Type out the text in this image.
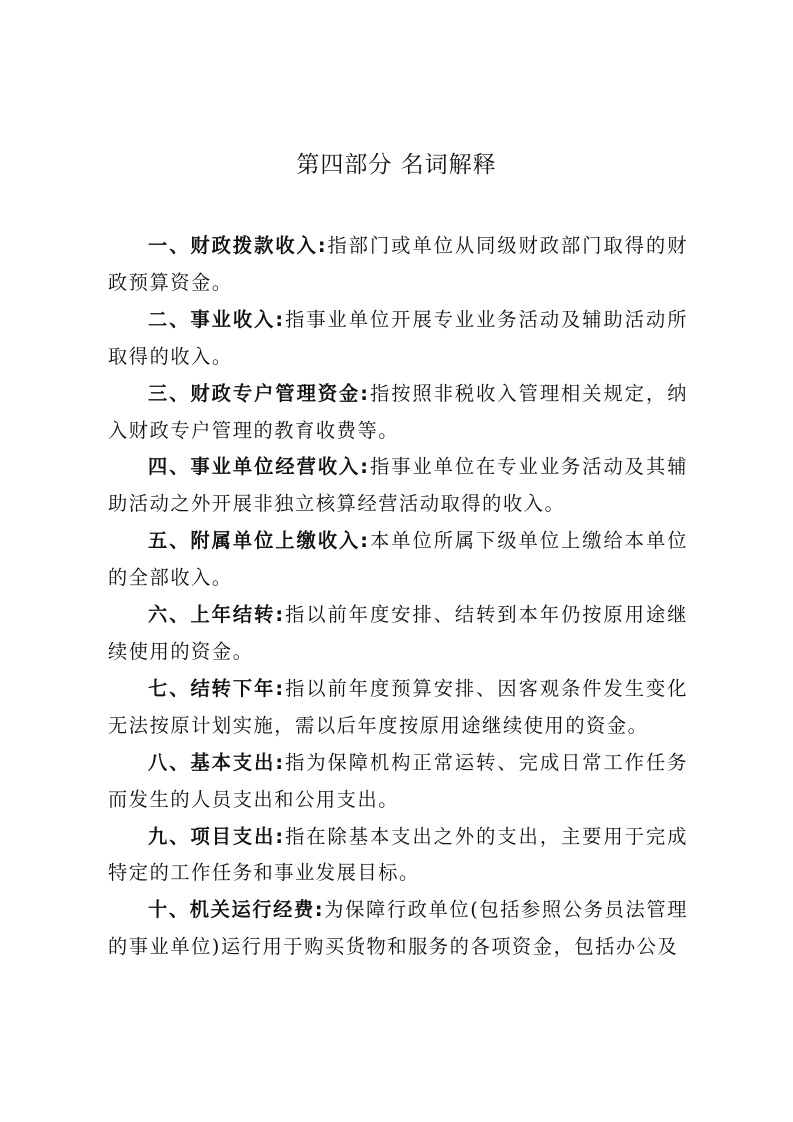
第四部分 名词解释

一、财政拨款收入:指部门或单位从同级财政部门取得的财政预算资金。

二、事业收入:指事业单位开展专业业务活动及辅助活动所取得的收入。

三、财政专户管理资金:指按照非税收入管理相关规定，纳入财政专户管理的教育收费等。

四、事业单位经营收入:指事业单位在专业业务活动及其辅助活动之外开展非独立核算经营活动取得的收入。

五、附属单位上缴收入:本单位所属下级单位上缴给本单位的全部收入。

六、上年结转:指以前年度安排、结转到本年仍按原用途继续使用的资金。

七、结转下年:指以前年度预算安排、因客观条件发生变化无法按原计划实施，需以后年度按原用途继续使用的资金。

八、基本支出:指为保障机构正常运转、完成日常工作任务而发生的人员支出和公用支出。

九、项目支出:指在除基本支出之外的支出，主要用于完成特定的工作任务和事业发展目标。

十、机关运行经费:为保障行政单位(包括参照公务员法管理的事业单位)运行用于购买货物和服务的各项资金，包括办公及
